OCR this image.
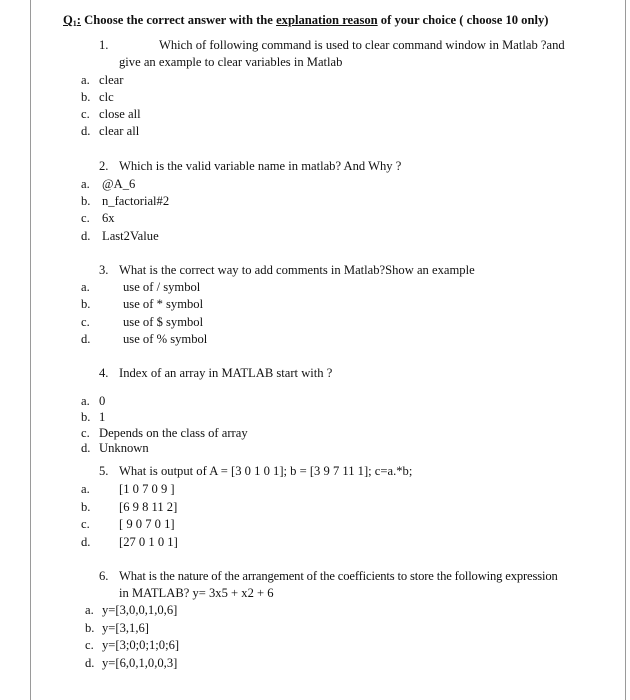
$Q_1$: Choose the correct answer with the explanation reason of your choice ( choose 10 only)
1.	Which of following command is used to clear command window in Matlab ?and
give an example to clear variables in Matlab
a. clear
b. clc
c. close all
d. clear all
2. Which is the valid variable name in matlab? And Why ?
a. @A_6
b. n_factorial#2
c. 6x
d. Last2Value
3. What is the correct way to add comments in Matlab?Show an example
a.	use of / symbol
b.	use of * symbol
c.	use of $ symbol
d.	use of % symbol
4. Index of an array in MATLAB start with ?
a. 0
b. 1
c. Depends on the class of array
d. Unknown
5. What is output of A = [3 0 1 0 1]; b = [3 9 7 11 1]; c=a.*b;
a. [1 0 7 0 9 ]
b. [6 9 8 11 2]
c. [ 9 0 7 0 1]
d. [27 0 1 0 1]
6. What is the nature of the arrangement of the coefficients to store the following expression
in MATLAB? y= 3x5 + x2 + 6
a. y=[3,0,0,1,0,6]
b. y=[3,1,6]
c. y=[3;0;0;1;0;6]
d. y=[6,0,1,0,0,3]
